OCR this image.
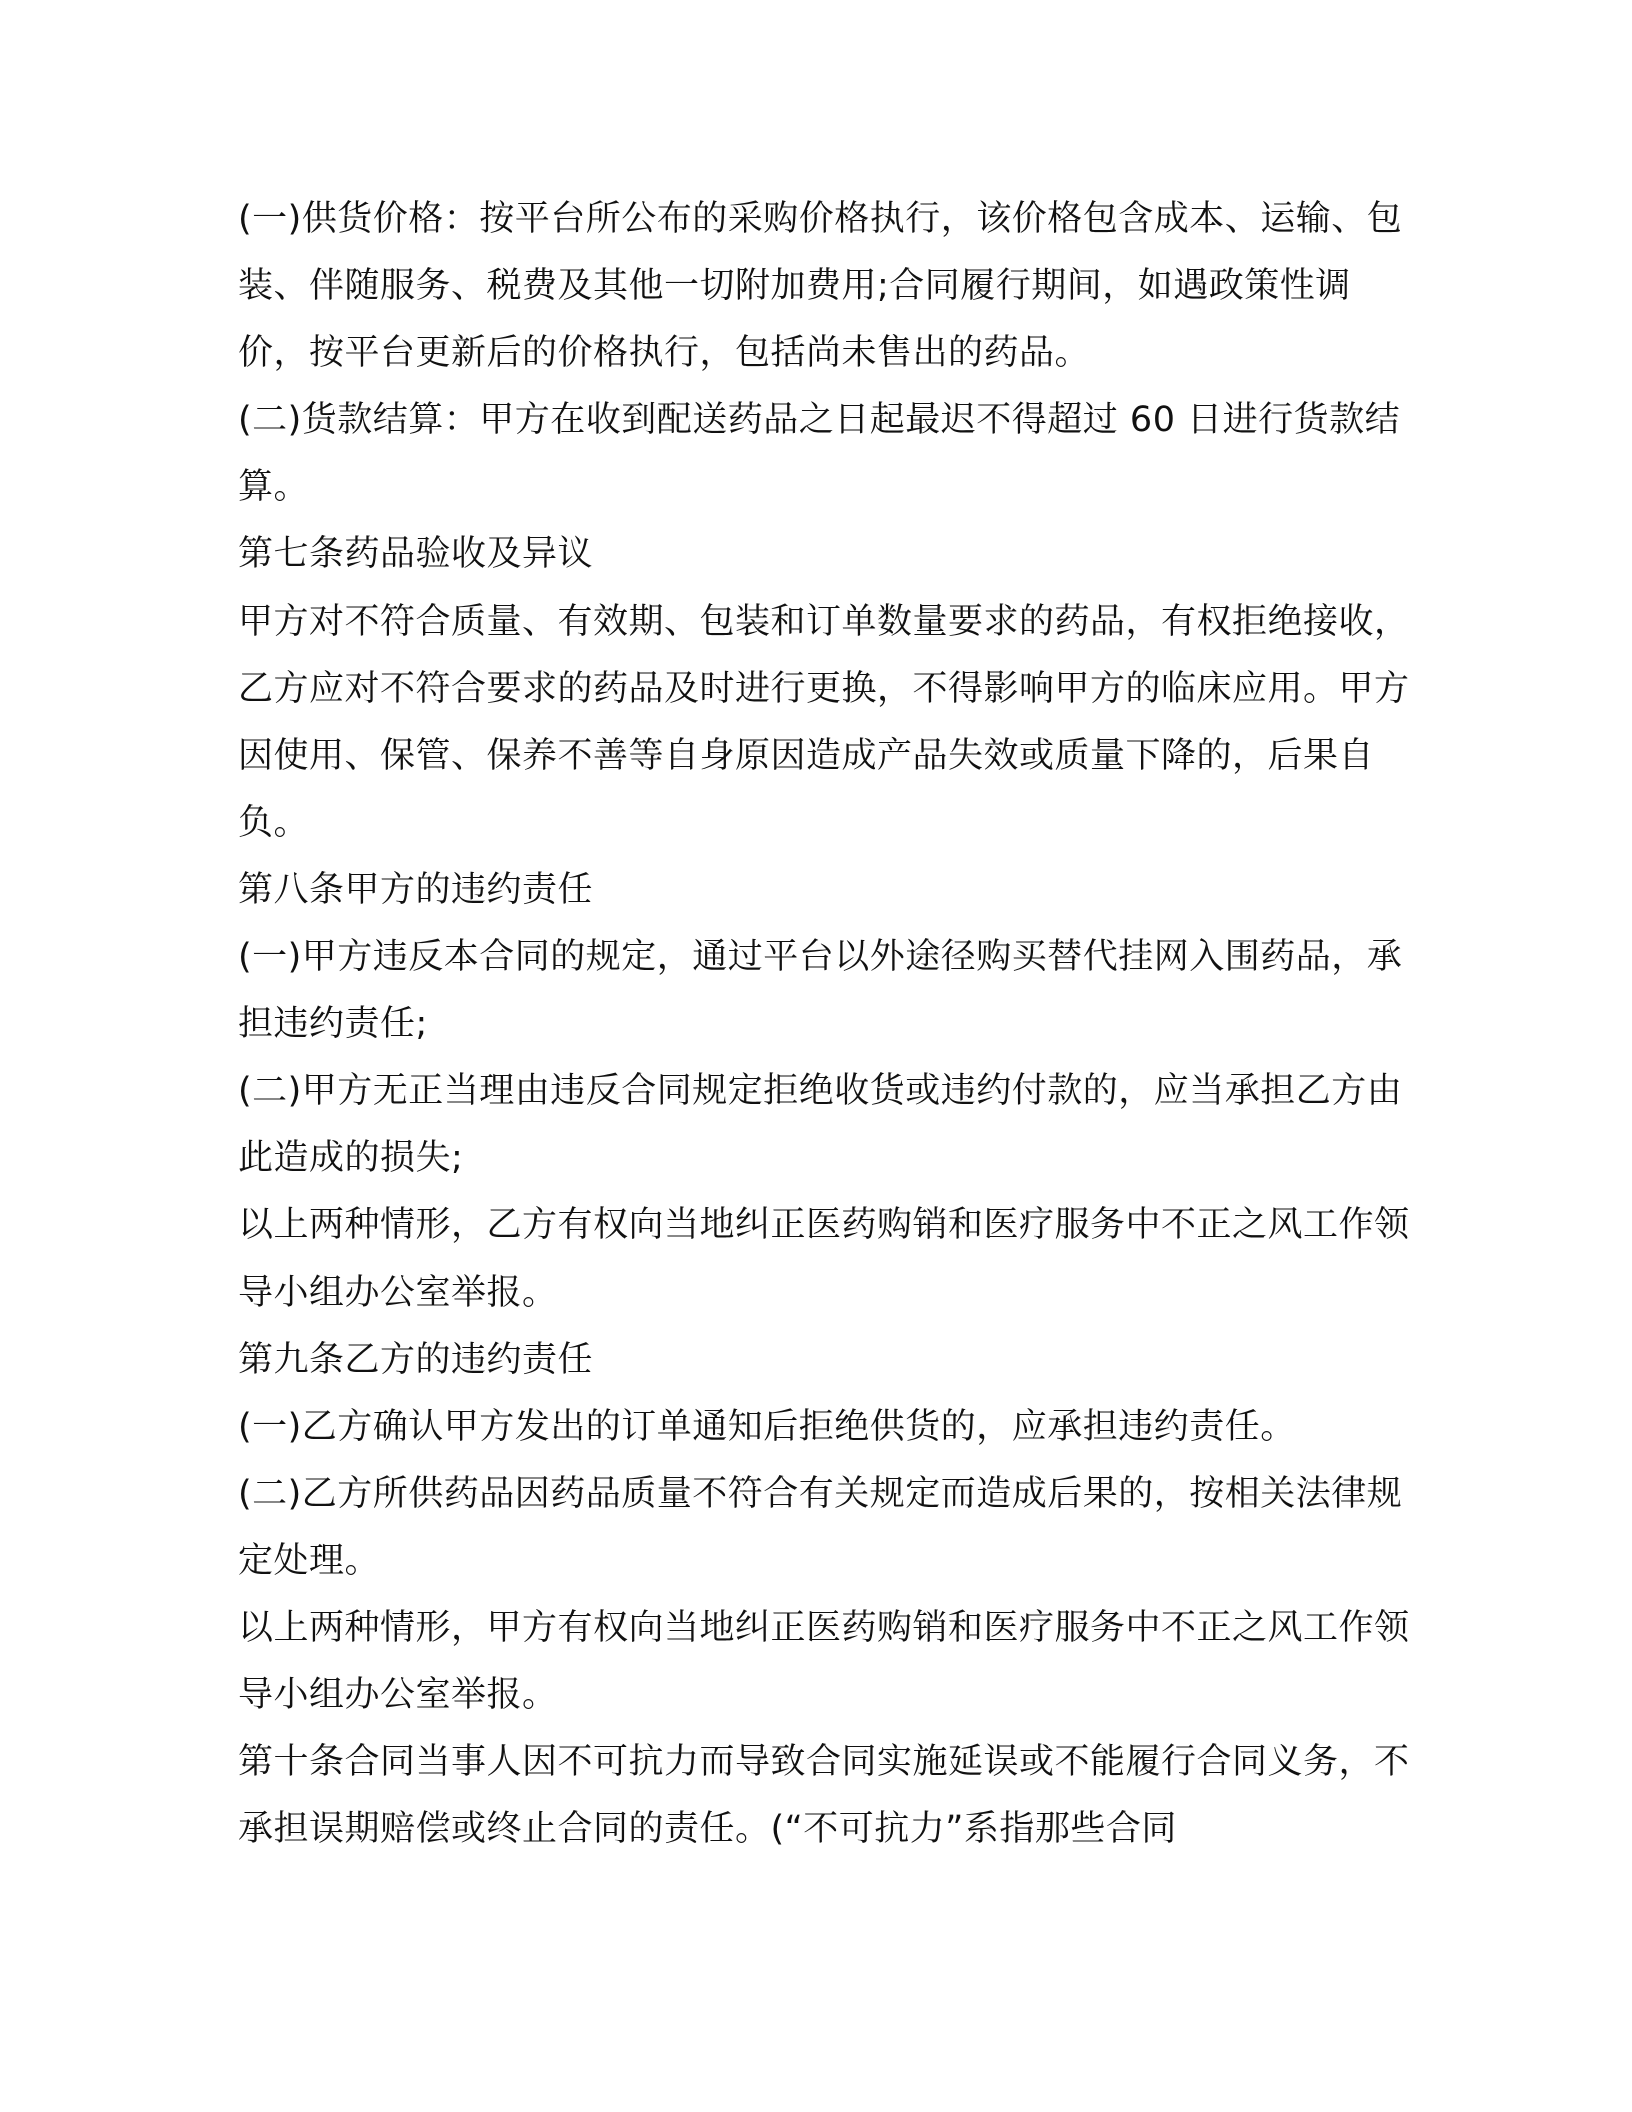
(一)供货价格：按平台所公布的采购价格执行，该价格包含成本、运输、包装、伴随服务、税费及其他一切附加费用;合同履行期间，如遇政策性调价，按平台更新后的价格执行，包括尚未售出的药品。

(二)货款结算：甲方在收到配送药品之日起最迟不得超过 60 日进行货款结算。

第七条药品验收及异议

甲方对不符合质量、有效期、包装和订单数量要求的药品，有权拒绝接收，乙方应对不符合要求的药品及时进行更换，不得影响甲方的临床应用。甲方因使用、保管、保养不善等自身原因造成产品失效或质量下降的，后果自负。

第八条甲方的违约责任

(一)甲方违反本合同的规定，通过平台以外途径购买替代挂网入围药品，承担违约责任;

(二)甲方无正当理由违反合同规定拒绝收货或违约付款的，应当承担乙方由此造成的损失;

以上两种情形，乙方有权向当地纠正医药购销和医疗服务中不正之风工作领导小组办公室举报。

第九条乙方的违约责任

(一)乙方确认甲方发出的订单通知后拒绝供货的，应承担违约责任。

(二)乙方所供药品因药品质量不符合有关规定而造成后果的，按相关法律规定处理。

以上两种情形，甲方有权向当地纠正医药购销和医疗服务中不正之风工作领导小组办公室举报。

第十条合同当事人因不可抗力而导致合同实施延误或不能履行合同义务，不承担误期赔偿或终止合同的责任。(“不可抗力”系指那些合同
